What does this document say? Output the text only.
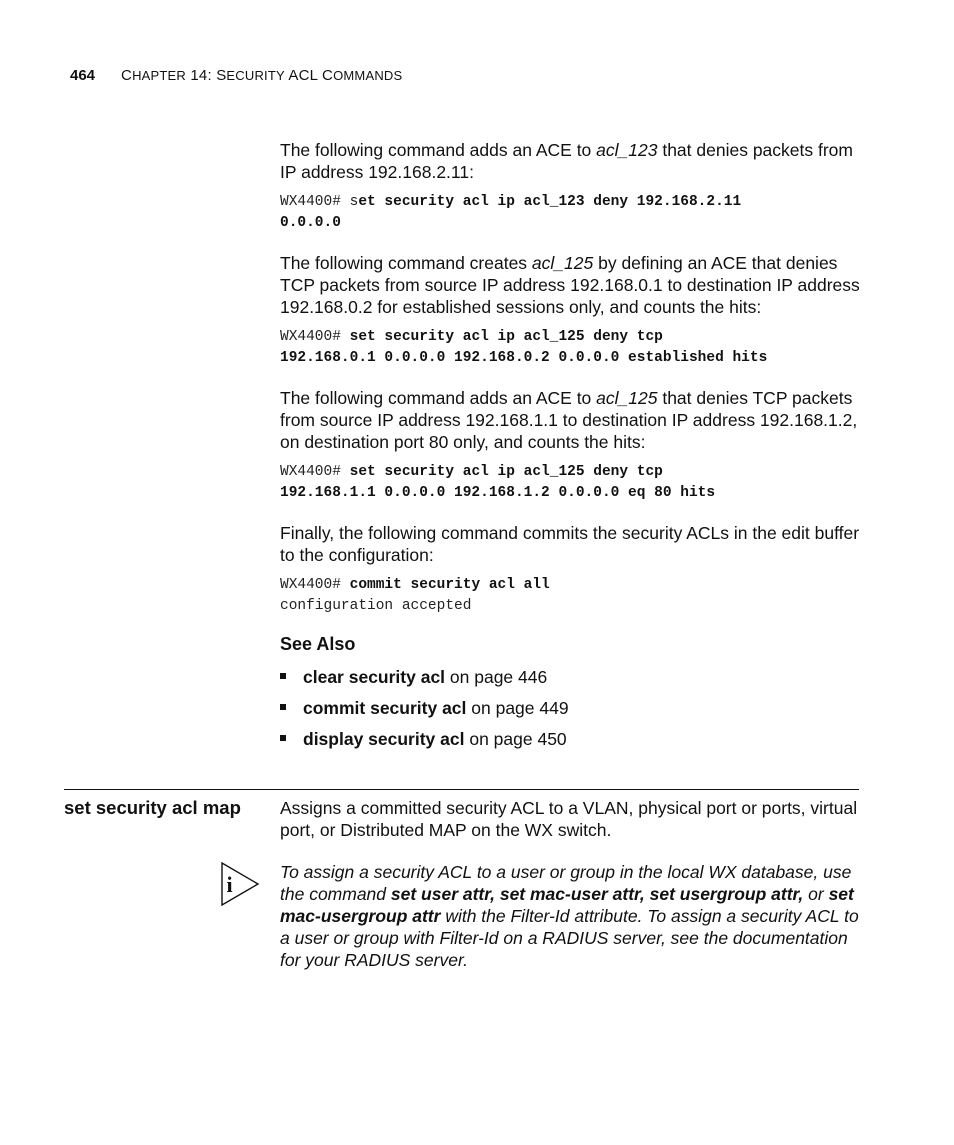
464 CHAPTER 14: SECURITY ACL COMMANDS
The following command adds an ACE to acl_123 that denies packets from IP address 192.168.2.11:
WX4400# set security acl ip acl_123 deny 192.168.2.11
0.0.0.0
The following command creates acl_125 by defining an ACE that denies TCP packets from source IP address 192.168.0.1 to destination IP address 192.168.0.2 for established sessions only, and counts the hits:
WX4400# set security acl ip acl_125 deny tcp
192.168.0.1 0.0.0.0 192.168.0.2 0.0.0.0 established hits
The following command adds an ACE to acl_125 that denies TCP packets from source IP address 192.168.1.1 to destination IP address 192.168.1.2, on destination port 80 only, and counts the hits:
WX4400# set security acl ip acl_125 deny tcp
192.168.1.1 0.0.0.0 192.168.1.2 0.0.0.0 eq 80 hits
Finally, the following command commits the security ACLs in the edit buffer to the configuration:
WX4400# commit security acl all
configuration accepted
See Also
clear security acl on page 446
commit security acl on page 449
display security acl on page 450
set security acl map Assigns a committed security ACL to a VLAN, physical port or ports, virtual port, or Distributed MAP on the WX switch.
i	To assign a security ACL to a user or group in the local WX database, use the command set user attr, set mac-user attr, set usergroup attr, or set mac-usergroup attr with the Filter-Id attribute. To assign a security ACL to a user or group with Filter-Id on a RADIUS server, see the documentation for your RADIUS server.
